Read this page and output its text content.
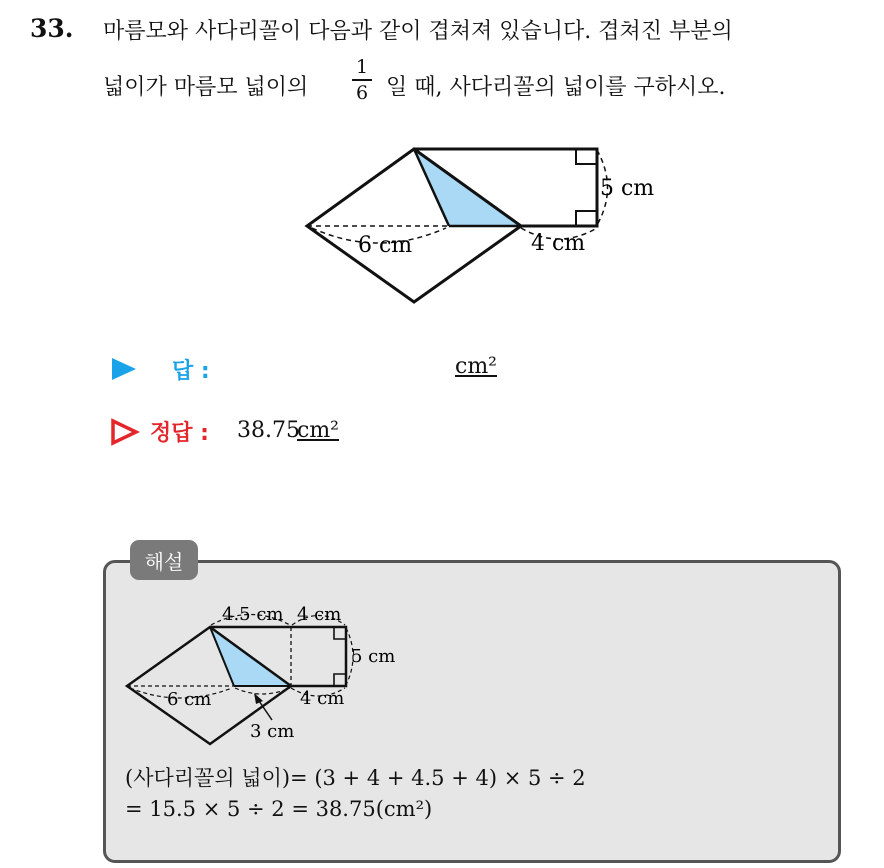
33. 마름모와 사다리꼴이 다음과 같이 겹쳐져 있습니다. 겹쳐진 부분의
넓이가 마름모 넓이의
1
6 일 때, 사다리꼴의 넓이를 구하시오.
5 cm
6 cm	4 cm
답 :	cm²
정답 : 38.75
cm²
해설
4.5 cm 4 cm
5 cm
6 cm	4 cm
3 cm
(사다리꼴의 넓이)= (3 + 4 + 4.5 + 4) × 5 ÷ 2
= 15.5 × 5 ÷ 2 = 38.75(cm²)
